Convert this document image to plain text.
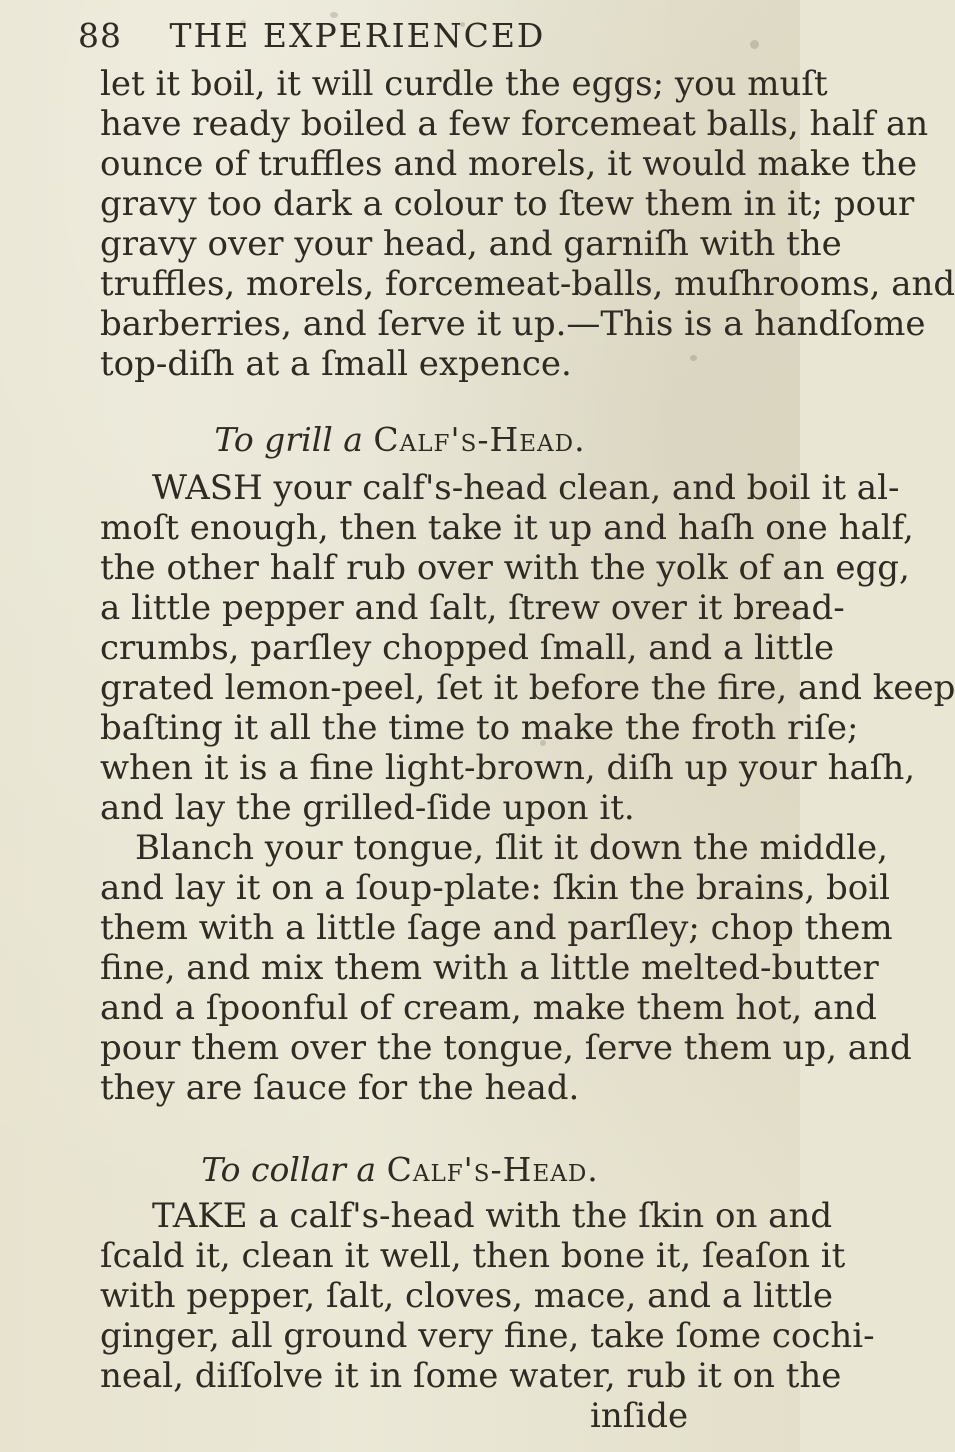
88 THE EXPERIENCED
let it boil, it will curdle the eggs; you muſt
have ready boiled a few forcemeat balls, half an
ounce of truffles and morels, it would make the
gravy too dark a colour to ſtew them in it; pour
gravy over your head, and garniſh with the
truffles, morels, forcemeat-balls, muſhrooms, and
barberries, and ſerve it up.—This is a handſome
top-diſh at a ſmall expence.
To grill a Calf's-Head.
WASH your calf's-head clean, and boil it al-
moſt enough, then take it up and haſh one half,
the other half rub over with the yolk of an egg,
a little pepper and ſalt, ſtrew over it bread-
crumbs, parſley chopped ſmall, and a little
grated lemon-peel, ſet it before the fire, and keep
baſting it all the time to make the froth riſe;
when it is a fine light-brown, diſh up your haſh,
and lay the grilled-ſide upon it.
Blanch your tongue, ſlit it down the middle,
and lay it on a ſoup-plate: ſkin the brains, boil
them with a little ſage and parſley; chop them
fine, and mix them with a little melted-butter
and a ſpoonful of cream, make them hot, and
pour them over the tongue, ſerve them up, and
they are ſauce for the head.
To collar a Calf's-Head.
TAKE a calf's-head with the ſkin on and
ſcald it, clean it well, then bone it, ſeaſon it
with pepper, ſalt, cloves, mace, and a little
ginger, all ground very fine, take ſome cochi-
neal, diſſolve it in ſome water, rub it on the
inſide
